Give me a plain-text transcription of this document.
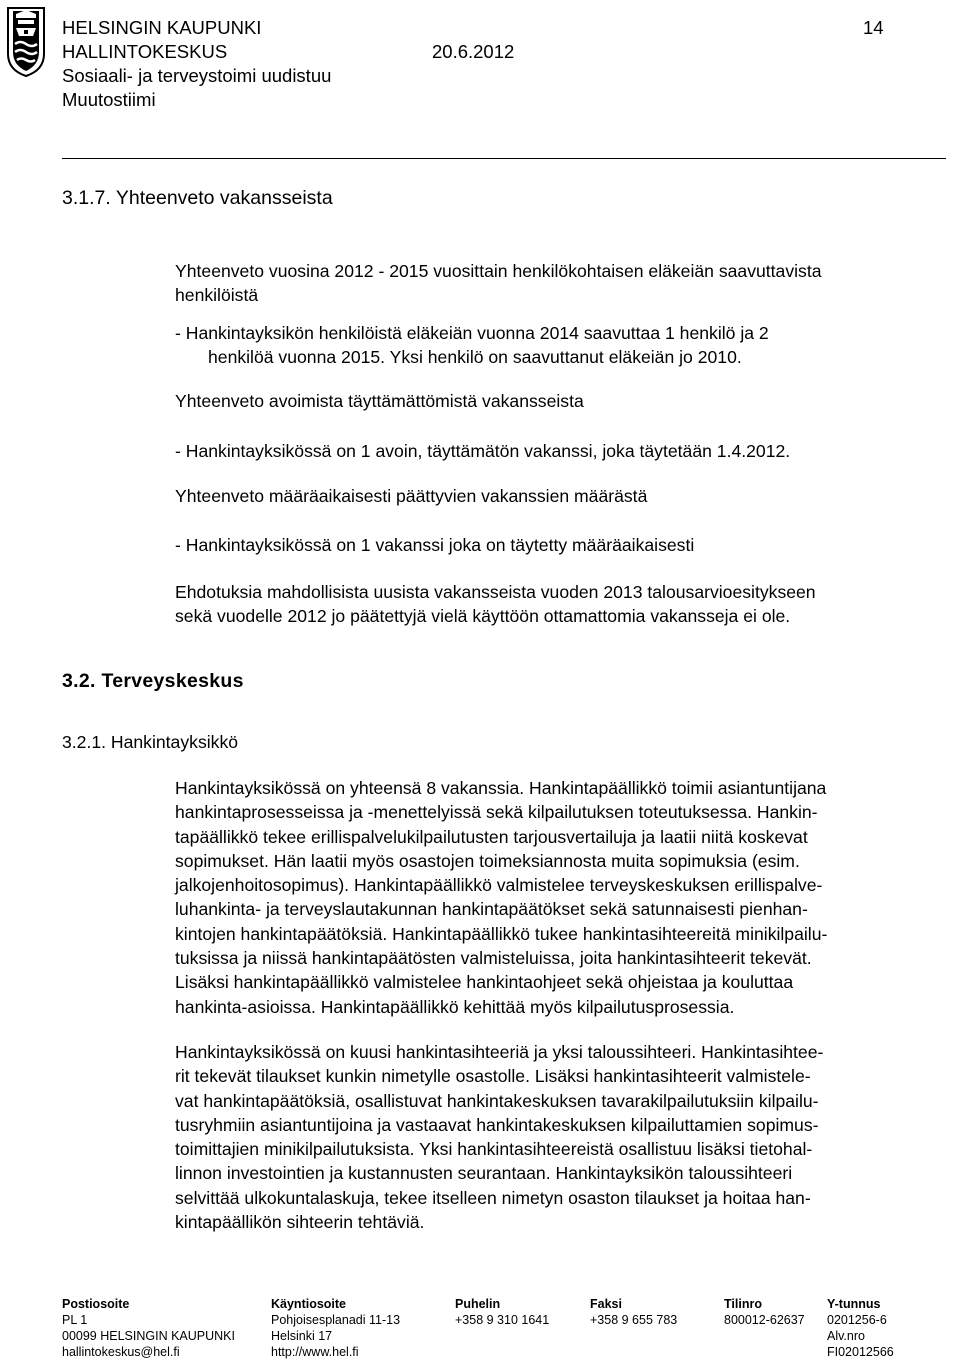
HELSINGIN KAUPUNKI	14
HALLINTOKESKUS	20.6.2012
Sosiaali- ja terveystoimi uudistuu
Muutostiimi
3.1.7. Yhteenveto vakansseista
Yhteenveto vuosina 2012 - 2015 vuosittain henkilökohtaisen eläkeiän saavuttavista
henkilöistä
- Hankintayksikön henkilöistä eläkeiän vuonna 2014 saavuttaa 1 henkilö ja 2
henkilöä vuonna 2015. Yksi henkilö on saavuttanut eläkeiän jo 2010.
Yhteenveto avoimista täyttämättömistä vakansseista
- Hankintayksikössä on 1 avoin, täyttämätön vakanssi, joka täytetään 1.4.2012.
Yhteenveto määräaikaisesti päättyvien vakanssien määrästä
- Hankintayksikössä on 1 vakanssi joka on täytetty määräaikaisesti
Ehdotuksia mahdollisista uusista vakansseista vuoden 2013 talousarvioesitykseen
sekä vuodelle 2012 jo päätettyjä vielä käyttöön ottamattomia vakansseja ei ole.
3.2. Terveyskeskus
3.2.1. Hankintayksikkö
Hankintayksikössä on yhteensä 8 vakanssia. Hankintapäällikkö toimii asiantuntijana
hankintaprosesseissa ja -menettelyissä sekä kilpailutuksen toteutuksessa. Hankin-
tapäällikkö tekee erillispalvelukilpailutusten tarjousvertailuja ja laatii niitä koskevat
sopimukset. Hän laatii myös osastojen toimeksiannosta muita sopimuksia (esim.
jalkojenhoitosopimus). Hankintapäällikkö valmistelee terveyskeskuksen erillispalve-
luhankinta- ja terveyslautakunnan hankintapäätökset sekä satunnaisesti pienhan-
kintojen hankintapäätöksiä. Hankintapäällikkö tukee hankintasihteereitä minikilpailu-
tuksissa ja niissä hankintapäätösten valmisteluissa, joita hankintasihteerit tekevät.
Lisäksi hankintapäällikkö valmistelee hankintaohjeet sekä ohjeistaa ja kouluttaa
hankinta-asioissa. Hankintapäällikkö kehittää myös kilpailutusprosessia.
Hankintayksikössä on kuusi hankintasihteeriä ja yksi taloussihteeri. Hankintasihtee-
rit tekevät tilaukset kunkin nimetylle osastolle. Lisäksi hankintasihteerit valmistele-
vat hankintapäätöksiä, osallistuvat hankintakeskuksen tavarakilpailutuksiin kilpailu-
tusryhmiin asiantuntijoina ja vastaavat hankintakeskuksen kilpailuttamien sopimus-
toimittajien minikilpailutuksista. Yksi hankintasihteereistä osallistuu lisäksi tietohal-
linnon investointien ja kustannusten seurantaan. Hankintayksikön taloussihteeri
selvittää ulkokuntalaskuja, tekee itselleen nimetyn osaston tilaukset ja hoitaa han-
kintapäällikön sihteerin tehtäviä.
Postiosoite
PL 1
00099 HELSINGIN KAUPUNKI
hallintokeskus@hel.fi
Käyntiosoite
Pohjoisesplanadi 11-13
Helsinki 17
http://www.hel.fi
Puhelin
+358 9 310 1641
Faksi
+358 9 655 783
Tilinro
800012-62637
Y-tunnus
0201256-6
Alv.nro
FI02012566
